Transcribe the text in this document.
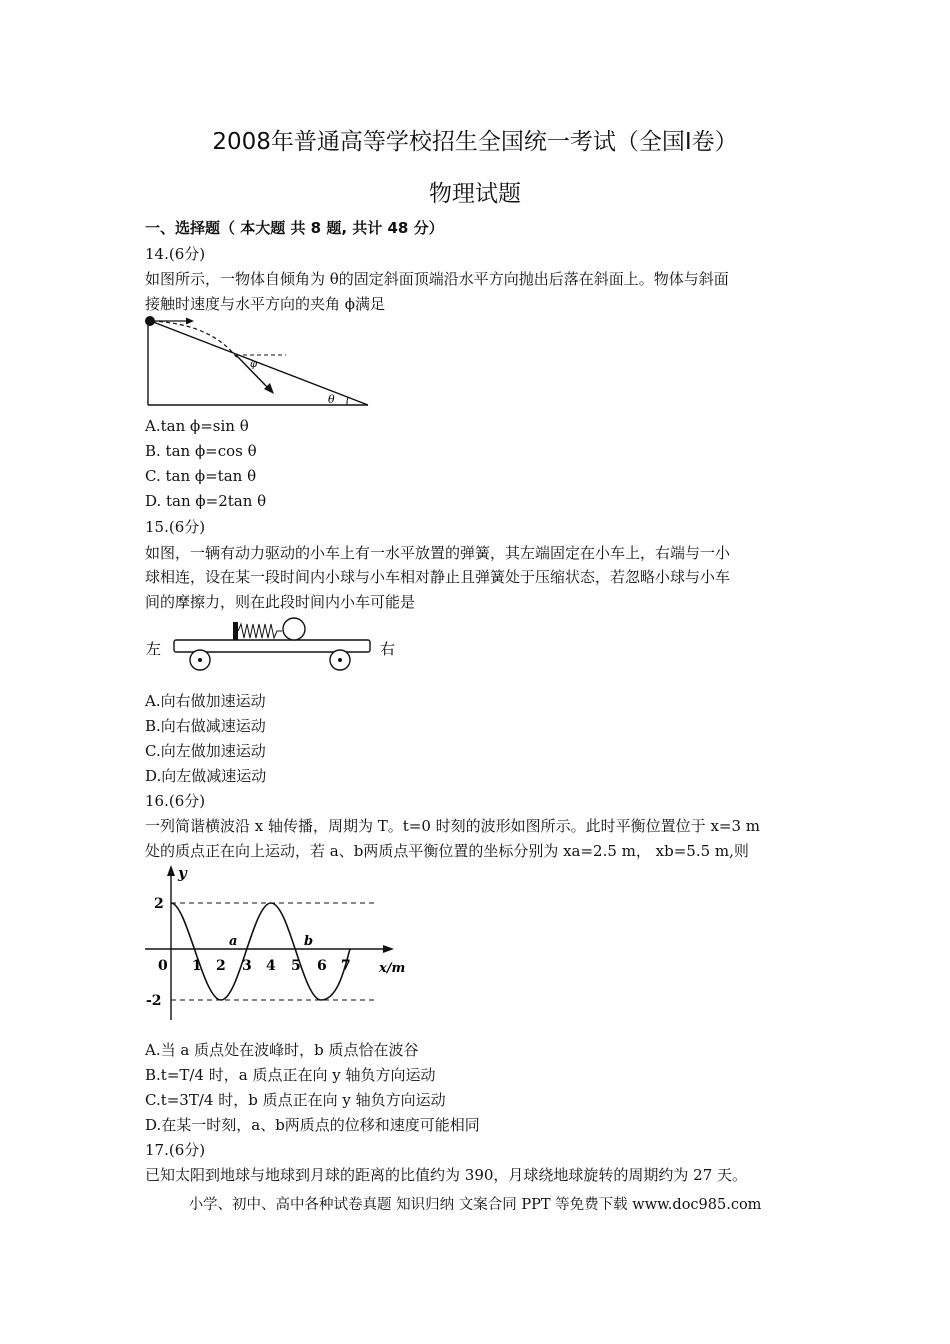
2008年普通高等学校招生全国统一考试（全国Ⅰ卷）
物理试题
一、选择题（ 本大题 共 8 题, 共计 48 分）
14.(6分)
如图所示，一物体自倾角为 θ的固定斜面顶端沿水平方向抛出后落在斜面上。物体与斜面
接触时速度与水平方向的夹角 ϕ满足
φ
θ
A.tan ϕ=sin θ
B. tan ϕ=cos θ
C. tan ϕ=tan θ
D. tan ϕ=2tan θ
15.(6分)
如图，一辆有动力驱动的小车上有一水平放置的弹簧，其左端固定在小车上，右端与一小
球相连，设在某一段时间内小球与小车相对静止且弹簧处于压缩状态，若忽略小球与小车
间的摩擦力，则在此段时间内小车可能是
左	右
A.向右做加速运动
B.向右做减速运动
C.向左做加速运动
D.向左做减速运动
16.(6分)
一列简谐横波沿 x 轴传播，周期为 T。t=0 时刻的波形如图所示。此时平衡位置位于 x=3 m
处的质点正在向上运动，若 a、b两质点平衡位置的坐标分别为 xa=2.5 m， xb=5.5 m,则
y
x/m
2
-2
0 1 2 3 4 5 6 7
a	b
A.当 a 质点处在波峰时，b 质点恰在波谷
B.t=T/4 时，a 质点正在向 y 轴负方向运动
C.t=3T/4 时，b 质点正在向 y 轴负方向运动
D.在某一时刻，a、b两质点的位移和速度可能相同
17.(6分)
已知太阳到地球与地球到月球的距离的比值约为 390，月球绕地球旋转的周期约为 27 天。
小学、初中、高中各种试卷真题 知识归纳 文案合同 PPT 等免费下载 www.doc985.com
